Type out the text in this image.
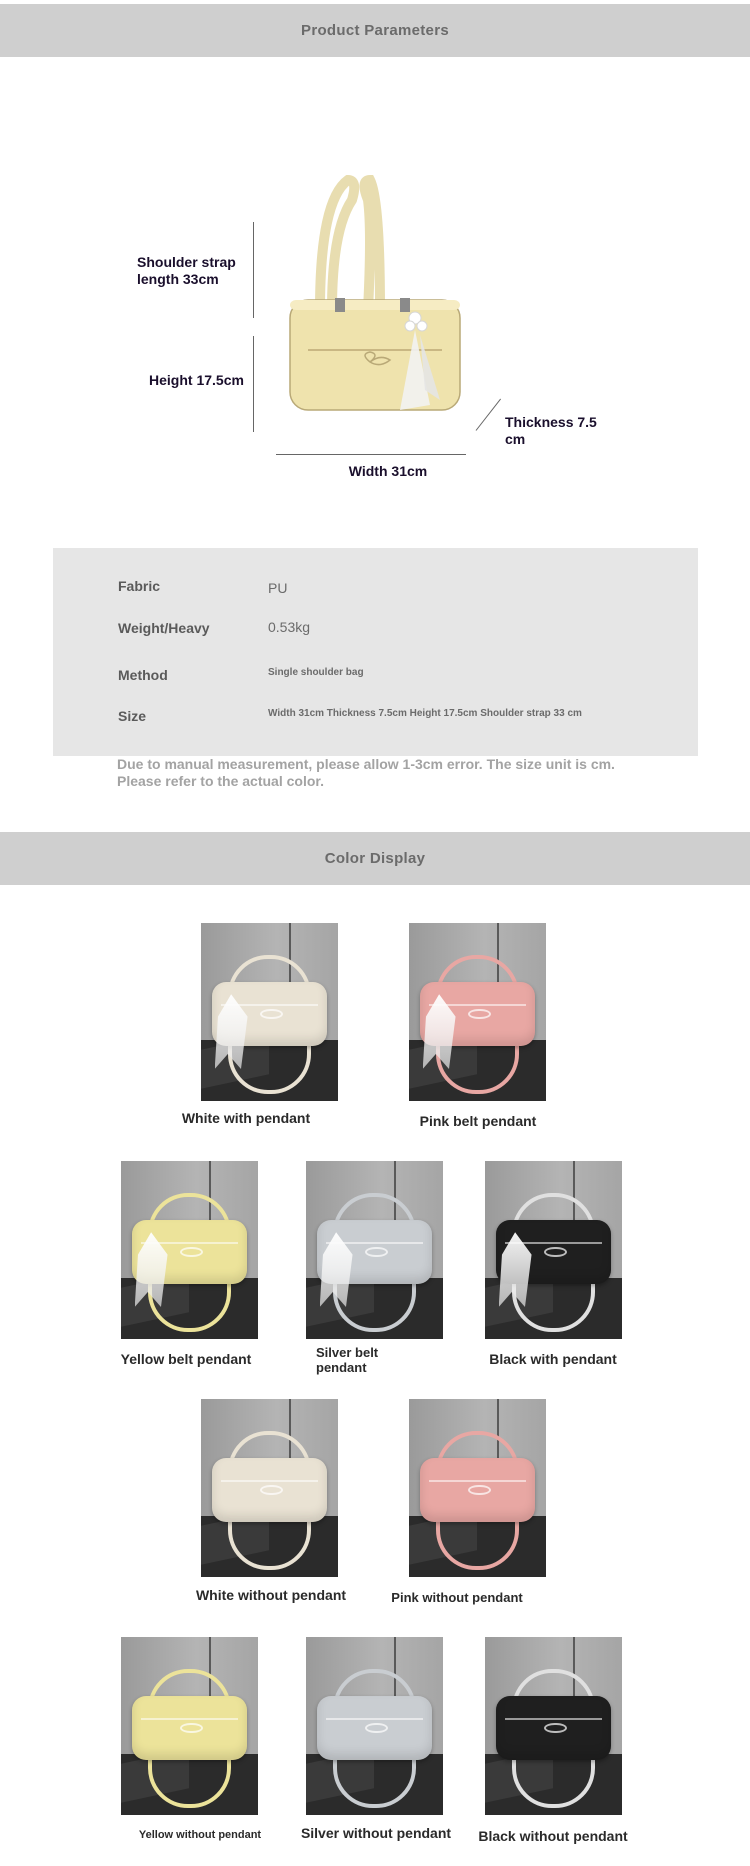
Product Parameters
Shoulder strap length 33cm
Height 17.5cm
Thickness 7.5 cm
Width 31cm
Fabric	PU
Weight/Heavy	0.53kg
Method	Single shoulder bag
Size	Width 31cm Thickness 7.5cm Height 17.5cm Shoulder strap 33 cm
Due to manual measurement, please allow 1-3cm error. The size unit is cm. Please refer to the actual color.
Color Display
White with pendant	Pink belt pendant
Yellow belt pendant	Silver belt pendant
Black with pendant
White without pendant	Pink without pendant
Yellow without pendant	Silver without pendant	Black without pendant
